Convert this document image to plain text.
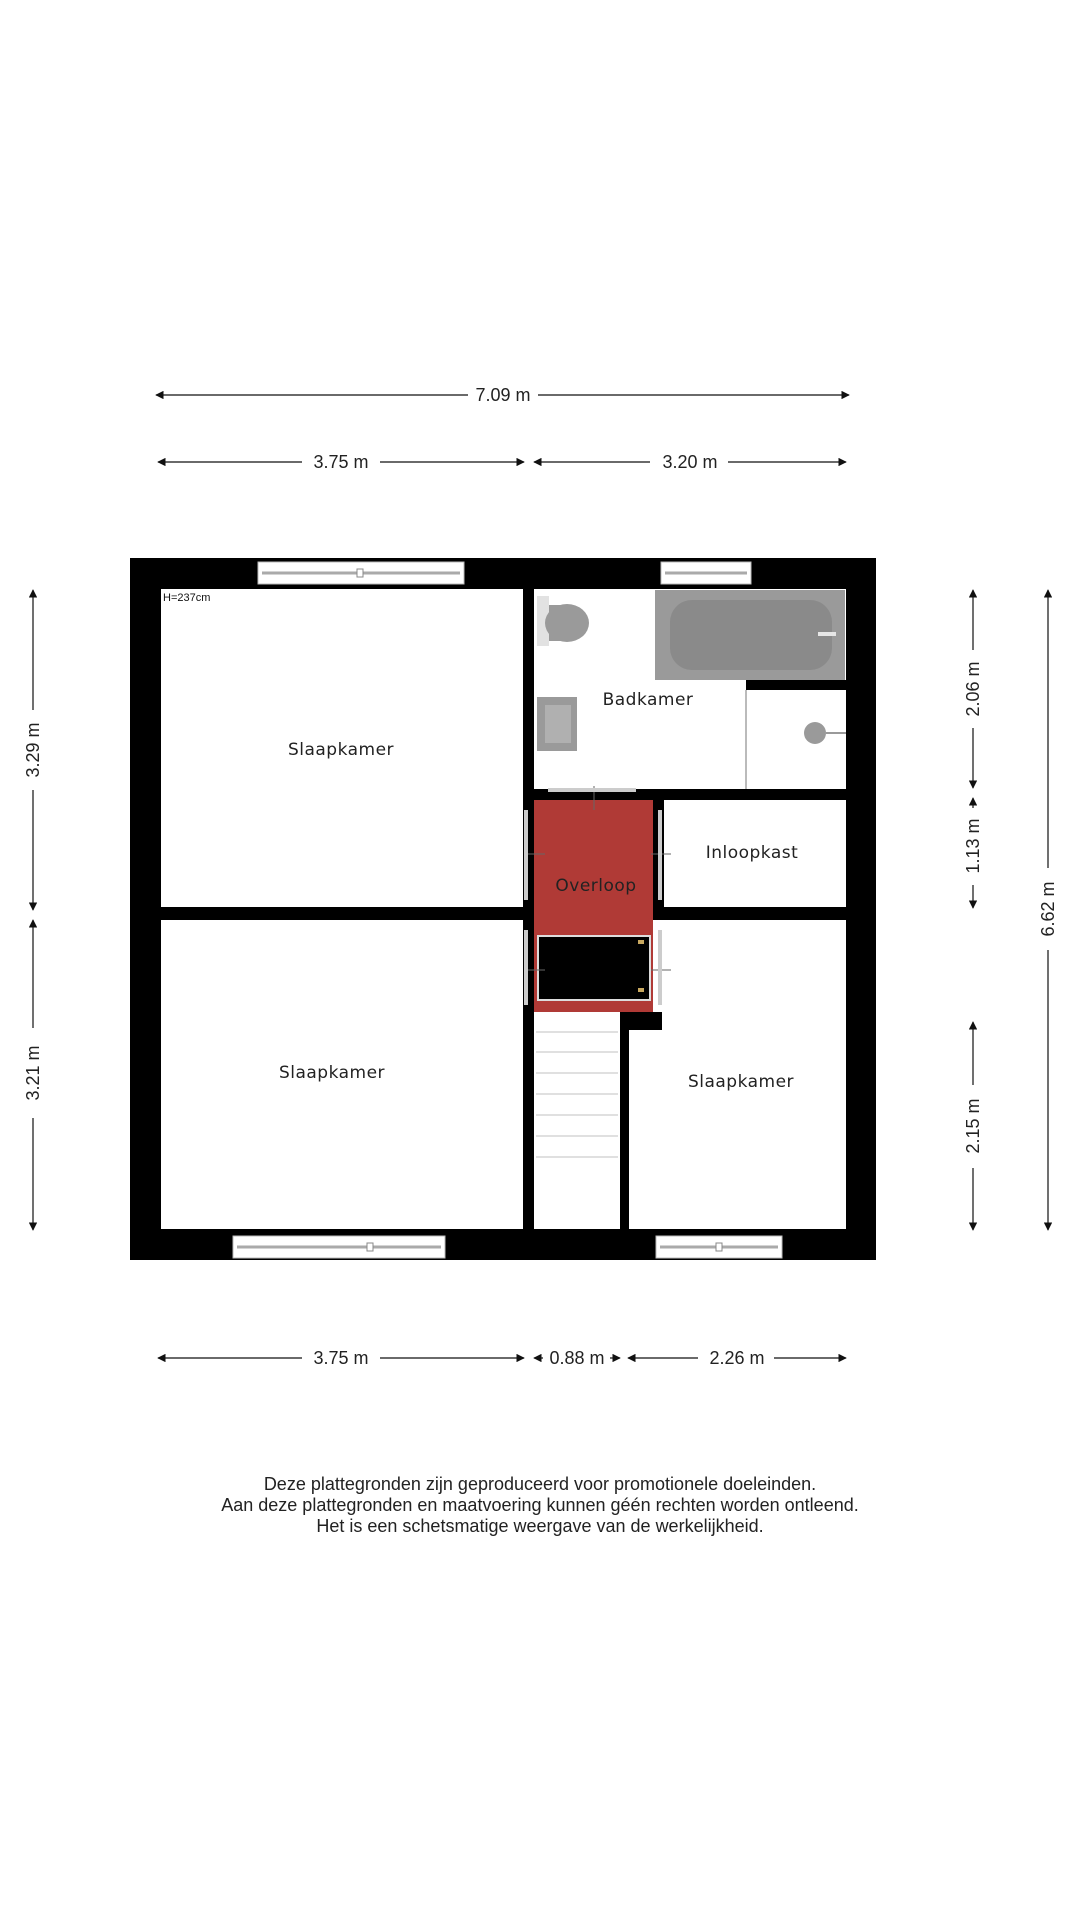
7.09 m
3.75 m	3.20 m
3.29 m
3.21 m
2.06 m
1.13 m
2.15 m
6.62 m
3.75 m	0.88 m	2.26 m
H=237cm
Slaapkamer
Slaapkamer	Slaapkamer
Badkamer
Inloopkast
Overloop
Deze plattegronden zijn geproduceerd voor promotionele doeleinden.
Aan deze plattegronden en maatvoering kunnen géén rechten worden ontleend.
Het is een schetsmatige weergave van de werkelijkheid.
